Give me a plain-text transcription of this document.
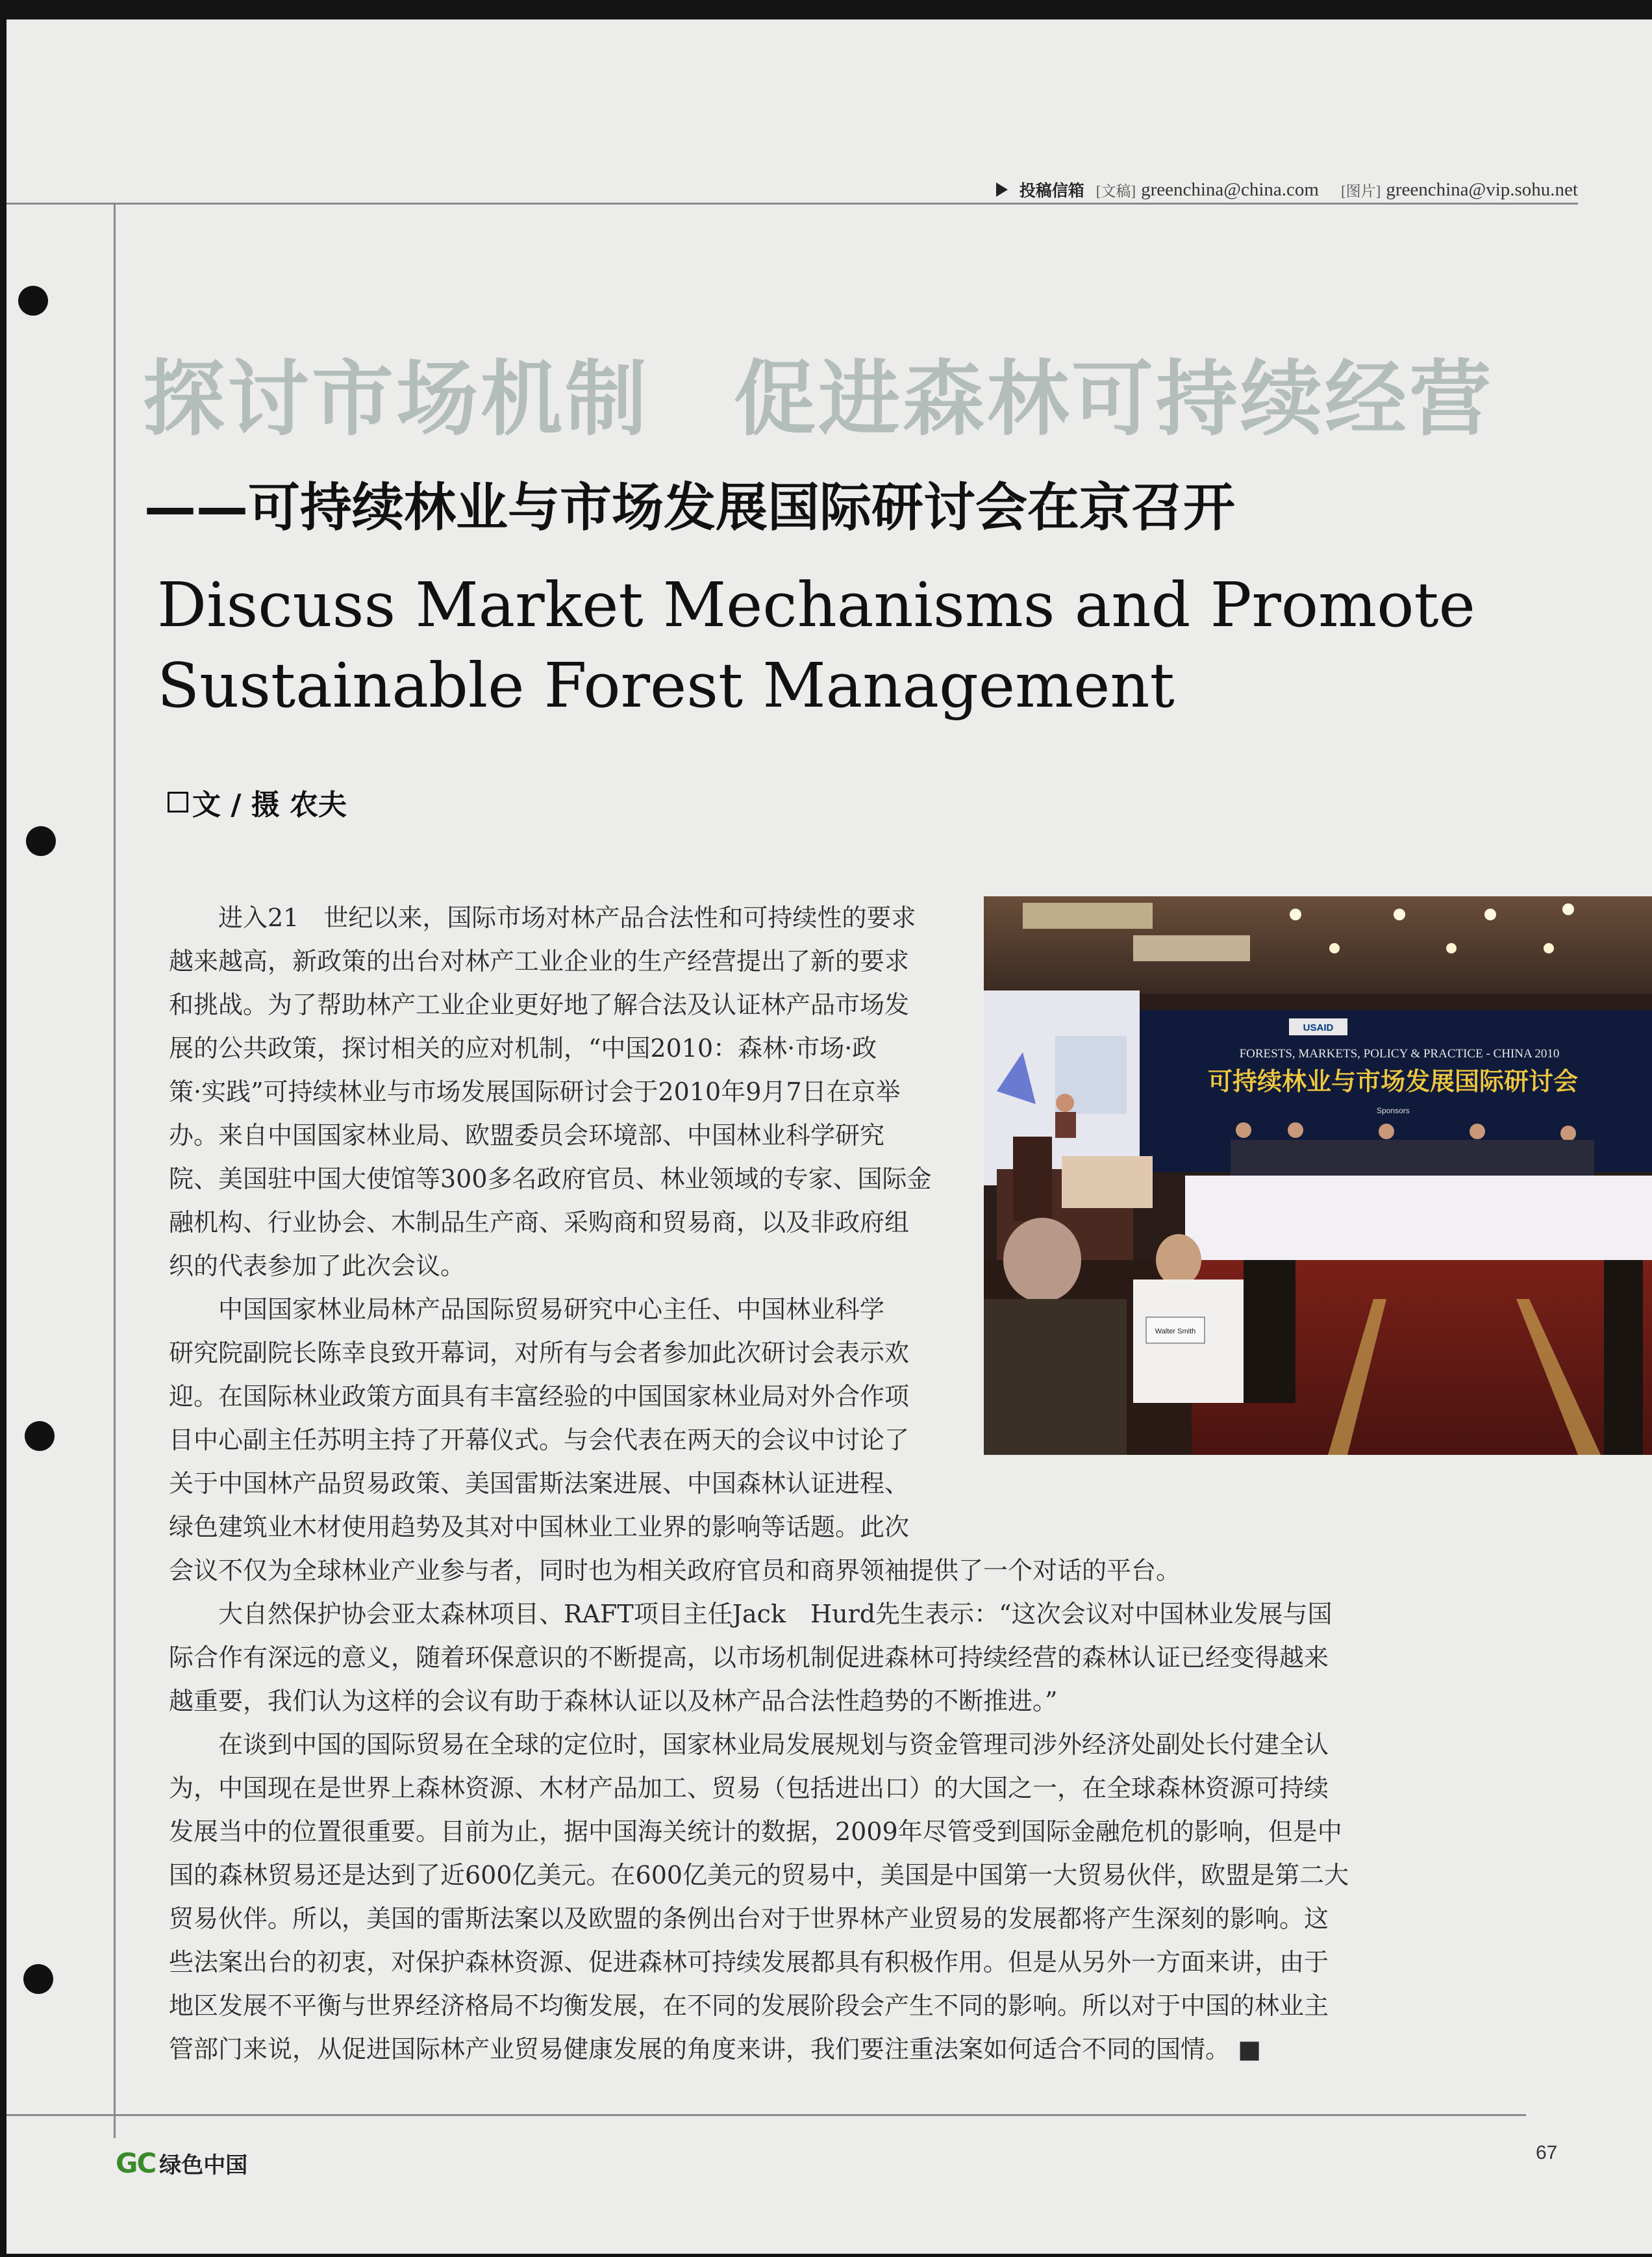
投稿信箱 [文稿] greenchina@china.com [图片] greenchina@vip.sohu.net
探讨市场机制　 促进森林可持续经营
——可持续林业与市场发展国际研讨会在京召开
Discuss Market Mechanisms and Promote
Sustainable Forest Management
文 / 摄 农夫
　　进入21　世纪以来，国际市场对林产品合法性和可持续性的要求
越来越高，新政策的出台对林产工业企业的生产经营提出了新的要求
和挑战。为了帮助林产工业企业更好地了解合法及认证林产品市场发
展的公共政策，探讨相关的应对机制，“中国2010：森林·市场·政
策·实践”可持续林业与市场发展国际研讨会于2010年9月7日在京举
办。来自中国国家林业局、欧盟委员会环境部、中国林业科学研究
院、美国驻中国大使馆等300多名政府官员、林业领域的专家、国际金
融机构、行业协会、木制品生产商、采购商和贸易商，以及非政府组
织的代表参加了此次会议。
　　中国国家林业局林产品国际贸易研究中心主任、中国林业科学
研究院副院长陈幸良致开幕词，对所有与会者参加此次研讨会表示欢
迎。在国际林业政策方面具有丰富经验的中国国家林业局对外合作项
目中心副主任苏明主持了开幕仪式。与会代表在两天的会议中讨论了
关于中国林产品贸易政策、美国雷斯法案进展、中国森林认证进程、
绿色建筑业木材使用趋势及其对中国林业工业界的影响等话题。此次
会议不仅为全球林业产业参与者，同时也为相关政府官员和商界领袖提供了一个对话的平台。
　　大自然保护协会亚太森林项目、RAFT项目主任Jack　Hurd先生表示：“这次会议对中国林业发展与国
际合作有深远的意义，随着环保意识的不断提高，以市场机制促进森林可持续经营的森林认证已经变得越来
越重要，我们认为这样的会议有助于森林认证以及林产品合法性趋势的不断推进。”
　　在谈到中国的国际贸易在全球的定位时，国家林业局发展规划与资金管理司涉外经济处副处长付建全认
为，中国现在是世界上森林资源、木材产品加工、贸易（包括进出口）的大国之一，在全球森林资源可持续
发展当中的位置很重要。目前为止，据中国海关统计的数据，2009年尽管受到国际金融危机的影响，但是中
国的森林贸易还是达到了近600亿美元。在600亿美元的贸易中，美国是中国第一大贸易伙伴，欧盟是第二大
贸易伙伴。所以，美国的雷斯法案以及欧盟的条例出台对于世界林产业贸易的发展都将产生深刻的影响。这
些法案出台的初衷，对保护森林资源、促进森林可持续发展都具有积极作用。但是从另外一方面来讲，由于
地区发展不平衡与世界经济格局不均衡发展，在不同的发展阶段会产生不同的影响。所以对于中国的林业主
管部门来说，从促进国际林产业贸易健康发展的角度来讲，我们要注重法案如何适合不同的国情。 ■
USAID
FORESTS, MARKETS, POLICY & PRACTICE - CHINA 2010
可持续林业与市场发展国际研讨会
Sponsors
Walter Smith
GC 绿色中国	67
